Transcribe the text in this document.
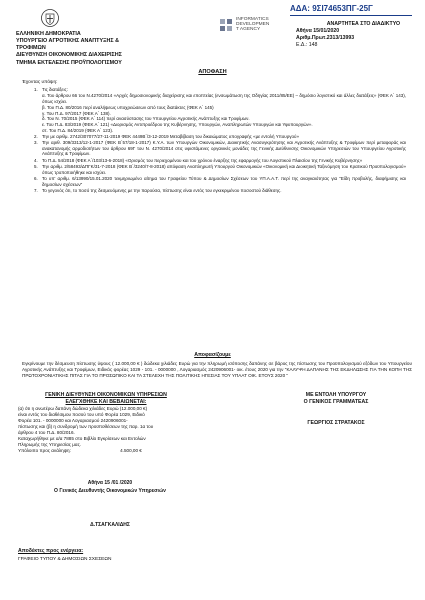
ΑΔΑ: 9ΣΙ74653ΠΓ-25Γ
ΕΛΛΗΝΙΚΗ ΔΗΜΟΚΡΑΤΙΑ
ΥΠΟΥΡΓΕΙΟ ΑΓΡΟΤΙΚΗΣ ΑΝΑΠΤΥΞΗΣ &
ΤΡΟΦΙΜΩΝ
ΔΙΕΥΘΥΝΣΗ ΟΙΚΟΝΟΜΙΚΗΣ ΔΙΑΧΕΙΡΙΣΗΣ
ΤΜΗΜΑ ΕΚΤΕΛΕΣΗΣ ΠΡΟΫΠΟΛΟΓΙΣΜΟΥ
INFORMATICS
DEVELOPMEN
T AGENCY
ΑΝΑΡΤΗΤΕΑ ΣΤΟ ΔΙΑΔΙΚΤΥΟ
Αθήνα 15/01/2020
Αριθμ.Πρωτ.2313/13993
Ε.Δ.: 148
ΑΠΟΦΑΣΗ
Έχοντας υπόψη:
1. Τις διατάξεις:
α. Του άρθρου 66 του Ν.4270/2014 «Αρχές δημοσιονομικής διαχείρισης και εποπτείας (ενσωμάτωση της Οδηγίας 2011/85/ΕΕ) – δημόσιο λογιστικό και άλλες διατάξεις» (ΦΕΚ Α΄ 143), όπως ισχύει.
β. Του Π.Δ. 80/2016 περί αναλήψεως υποχρεώσεων από τους διατάκτες (ΦΕΚ Α΄ 145)
γ. Του Π.Δ. 97/2017 (ΦΕΚ Α΄ 138).
δ. Του Ν. 70/2015 (ΦΕΚ Α΄ 114) περί ανασύστασης του Υπουργείου Αγροτικής Ανάπτυξης και Τροφίμων.
ε. Του Π.Δ. 83/2019 (ΦΕΚ Α΄ 121) «Διορισμός Αντιπροέδρου της Κυβέρνησης, Υπουργών, Αναπληρωτών Υπουργών και Υφυπουργών».
στ. Του Π.Δ. 84/2019 (ΦΕΚ Α΄ 123).
2. Την με αριθμ. 2742/307077/27-11-2019 ΦΕΚ 4449Β΄/3-12-2019 Μεταβίβαση του δικαιώματος υπογραφής «με εντολή Υπουργού»
3. Την αριθ. 309/3313/12-1-2017 (ΦΕΚ Β΄57/18-1-2017) Κ.Υ.Α. των Υπουργών Οικονομικών, Διοικητικής Ανασυγκρότησης και Αγροτικής Ανάπτυξης & Τροφίμων περί μεταφοράς και ανακατανομής αρμοδιοτήτων του άρθρου 69Γ του Ν. 4270/2014 στις υφιστάμενες οργανικές μονάδες της Γενικής Διεύθυνσης Οικονομικών Υπηρεσιών του Υπουργείου Αγροτικής Ανάπτυξης & Τροφίμων.
4. Το Π.Δ. 54/2018 (ΦΕΚ Α΄/103/13-6-2018) «Ορισμός του περιεχομένου και του χρόνου έναρξης της εφαρμογής του Λογιστικού Πλαισίου της Γενικής Κυβέρνησης»
5. Την αριθμ. 2/58493/ΔΠΓΚ/31-7-2018 (ΦΕΚ Β΄/3240/7-8-2018) απόφαση Αναπληρωτή Υπουργού Οικονομικών «Οικονομική και Διοικητική Ταξινόμηση του Κρατικού Προϋπολογισμού» όπως τροποποιήθηκε και ισχύει.
6. Το υπ' αριθμ. 6/13990/15.01.2020 τεκμηριωμένο αίτημα του Γραφείου Τύπου & Δημοσίων Σχέσεων του ΥΠ.Α.Α.Τ. περί της αναγκαιότητας για "Είδη προβολής, διαφήμισης και δημοσίων σχέσεων"
7. Το γεγονός ότι, το ποσό της δεσμευόμενης με την παρούσα, πίστωσης είναι εντός του εγκεκριμένου ποσοστού διάθεσης.
Αποφασίζουμε
Εγκρίνουμε την δέσμευση πίστωσης ύψους ( 12.000,00 € ) δώδεκα χιλιάδες Ευρώ για την πληρωμή ισόποσης δαπάνης σε βάρος της πίστωσης του Προϋπολογισμού εξόδων του Υπουργείου Αγροτικής Ανάπτυξης και Τροφίμων, Ειδικός φορέας 1029 - 101. - 0000000 , Λογαριασμός 2420906001- οικ. έτους 2020 για την "ΚΑΛΥΨΗ ΔΑΠΑΝΗΣ ΤΗΣ ΕΚΔΗΛΩΣΗΣ ΓΙΑ ΤΗΝ ΚΟΠΗ ΤΗΣ ΠΡΩΤΟΧΡΟΝΙΑΤΙΚΗΣ ΠΙΤΑΣ ΓΙΑ ΤΟ ΠΡΟΣΩΠΙΚΟ ΚΑΙ ΤΑ ΣΤΕΛΕΧΗ ΤΗΣ ΠΟΛΙΤΙΚΗΣ ΗΓΕΣΙΑΣ ΤΟΥ ΥΠΑΑΤ ΟΙΚ. ΕΤΟΥΣ 2020 "
ΓΕΝΙΚΗ ΔΙΕΥΘΥΝΣΗ ΟΙΚΟΝΟΜΙΚΩΝ ΥΠΗΡΕΣΙΩΝ
ΕΛΕΓΧΘΗΚΕ ΚΑΙ ΒΕΒΑΙΩΝΕΤΑΙ:
(α) ότι η ανωτέρω δαπάνη δώδεκα χιλιάδες Ευρώ (12.000,00 €)
είναι εντός του διαθέσιμου ποσού του υπό Φορέα 1029, Ειδικό
Φορέα 101. - 0000000 και Λογαριασμού 2420906001-
πίστωσης και (β) η συνδρομή των προϋποθέσεων της παρ. 1α του
άρθρου 4 του Π.Δ. 80/2016.
Καταχωρήθηκε με α/α 7885 στο Βιβλίο Εγκρίσεων και Εντολών
Πληρωμής της Υπηρεσίας μας.
Υπόλοιπο προς ανάληψη:	4.500,00 €
Αθήνα 15 /01 /2020
Ο Γενικός Διευθυντής Οικονομικών Υπηρεσιών
Δ.ΤΣΑΓΚΑΛΙΔΗΣ
ΜΕ ΕΝΤΟΛΗ ΥΠΟΥΡΓΟΥ
Ο ΓΕΝΙΚΟΣ ΓΡΑΜΜΑΤΕΑΣ
ΓΕΩΡΓΙΟΣ ΣΤΡΑΤΑΚΟΣ
Αποδέκτες προς ενέργεια:
ΓΡΑΦΕΙΟ ΤΥΠΟΥ & ΔΗΜΟΣΙΩΝ ΣΧΕΣΕΩΝ
